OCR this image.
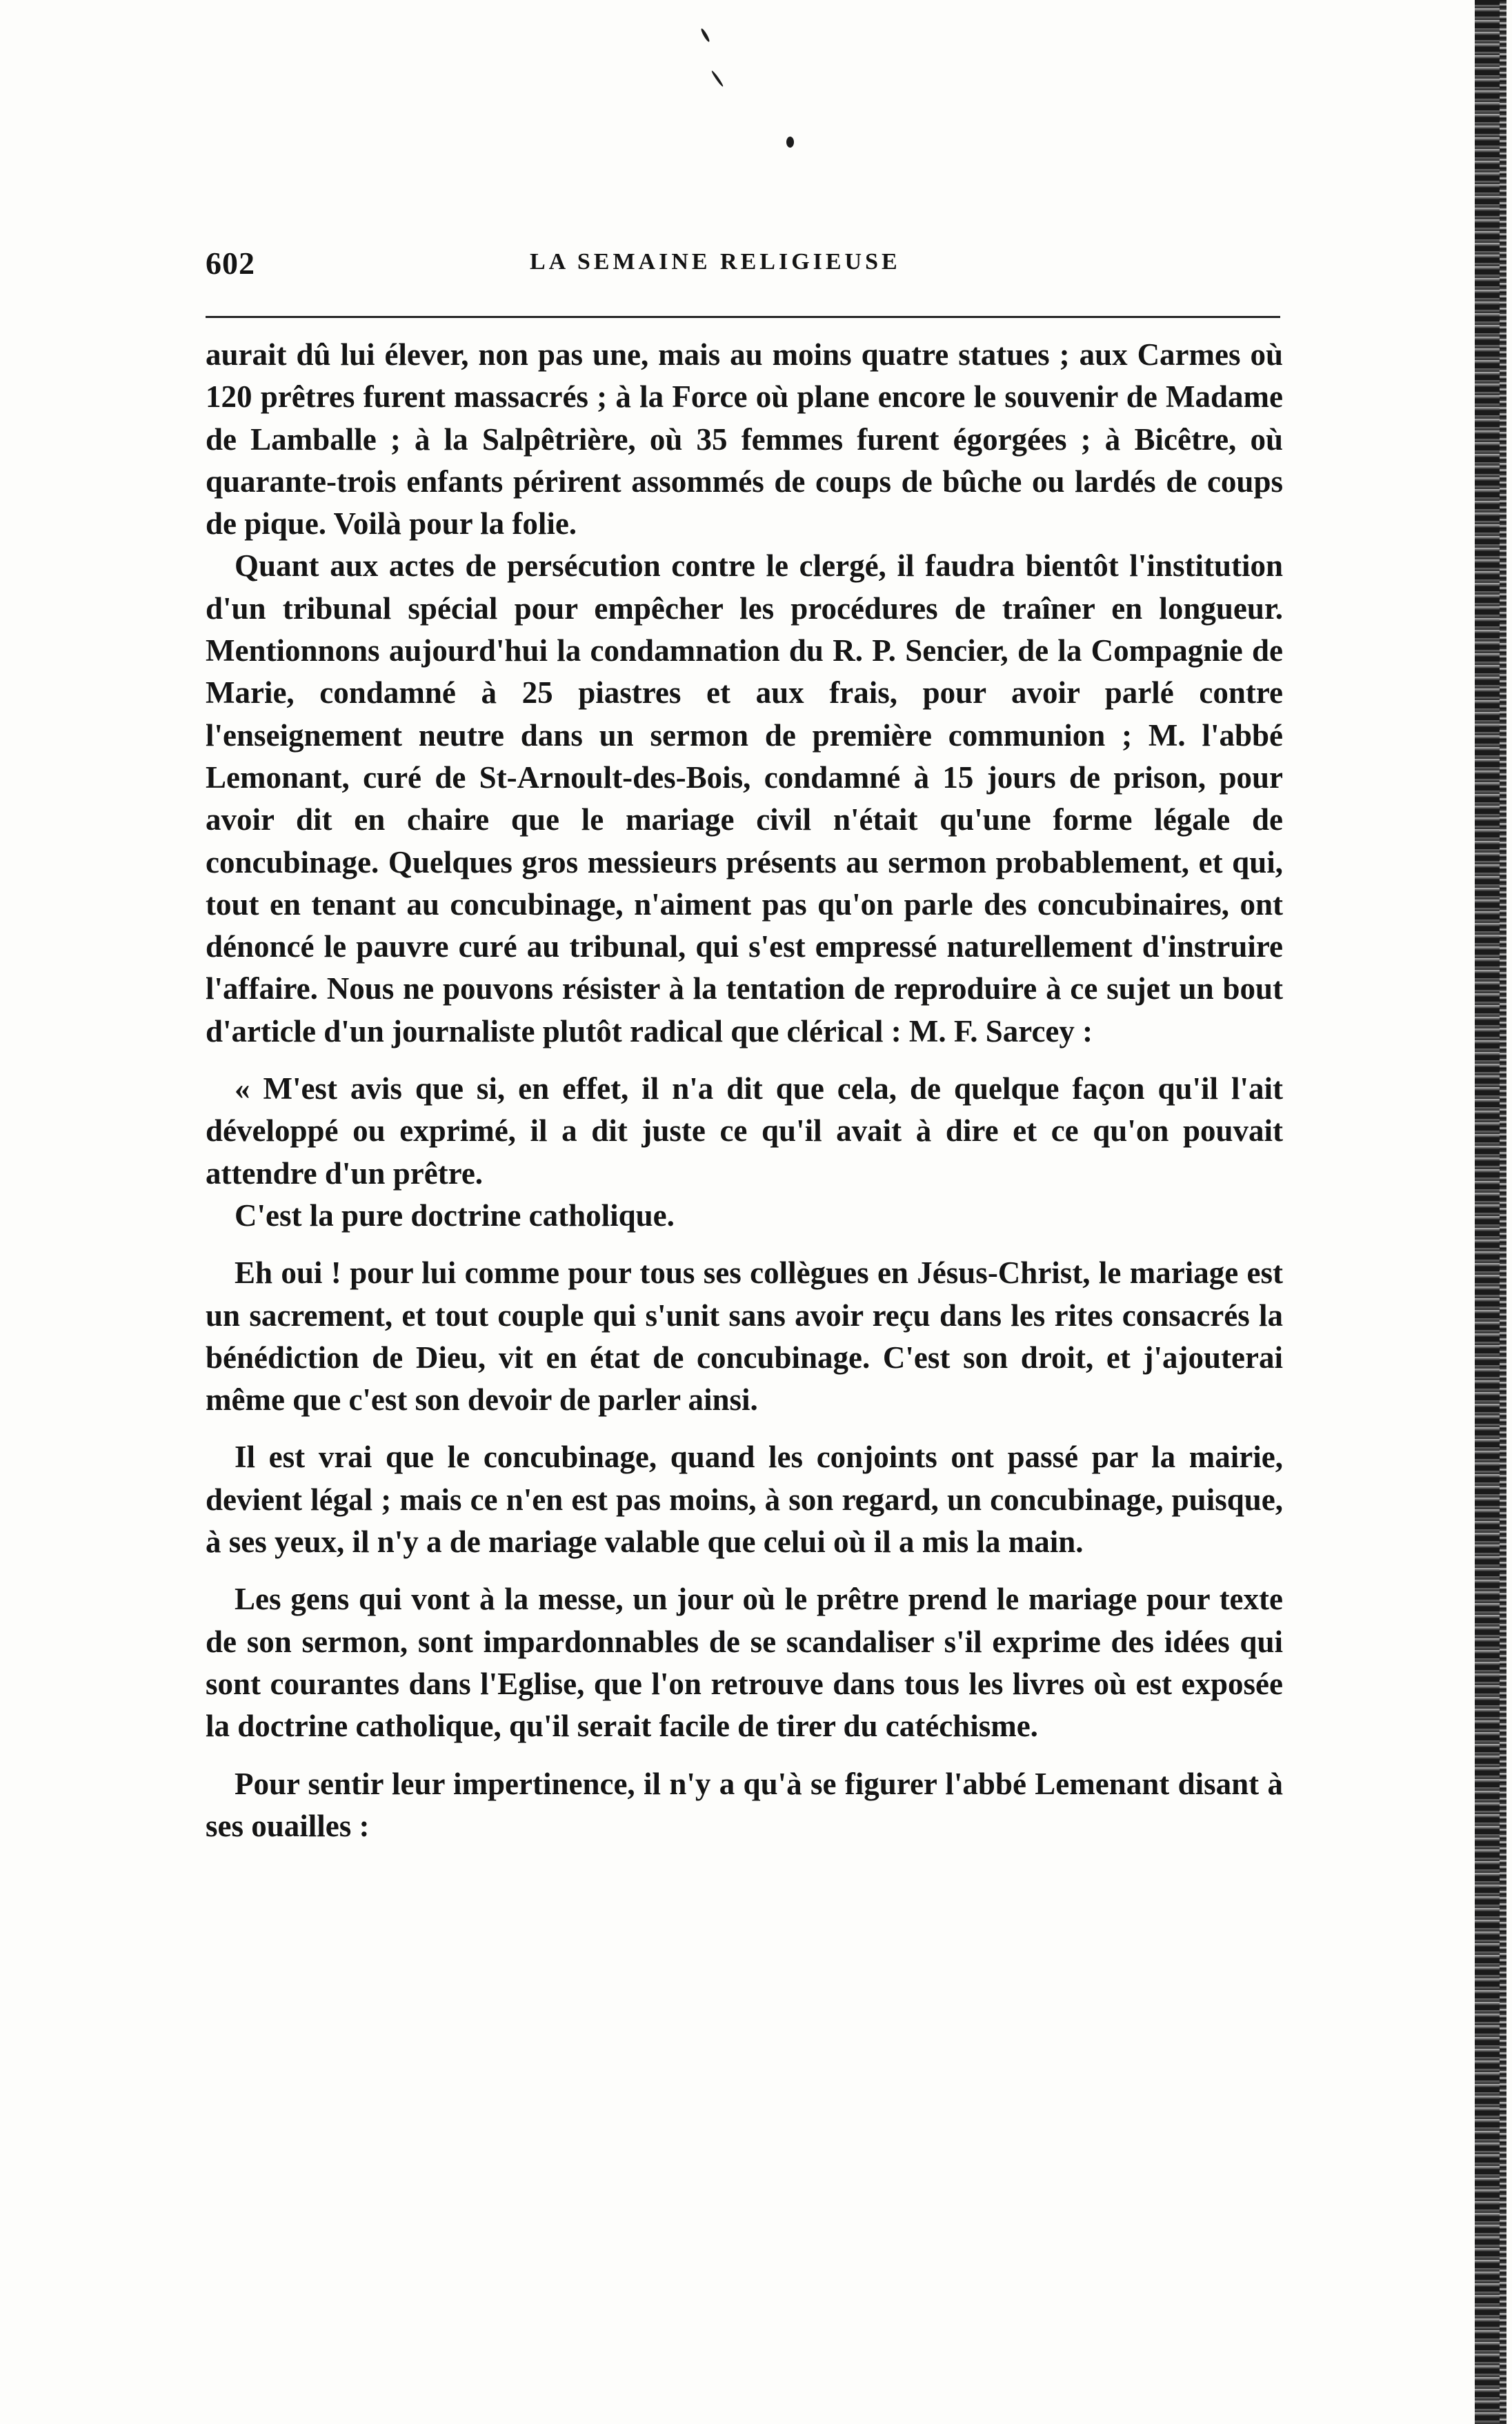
602	LA SEMAINE RELIGIEUSE

aurait dû lui élever, non pas une, mais au moins quatre statues ; aux Carmes où 120 prêtres furent massacrés ; à la Force où plane encore le souvenir de Madame de Lamballe ; à la Salpêtrière, où 35 femmes furent égorgées ; à Bicêtre, où quarante-trois enfants périrent assommés de coups de bûche ou lardés de coups de pique. Voilà pour la folie.

Quant aux actes de persécution contre le clergé, il faudra bientôt l'institution d'un tribunal spécial pour empêcher les procédures de traîner en longueur. Mentionnons aujourd'hui la condamnation du R. P. Sencier, de la Compagnie de Marie, condamné à 25 piastres et aux frais, pour avoir parlé contre l'enseignement neutre dans un sermon de première communion ; M. l'abbé Lemonant, curé de St-Arnoult-des-Bois, condamné à 15 jours de prison, pour avoir dit en chaire que le mariage civil n'était qu'une forme légale de concubinage. Quelques gros messieurs présents au sermon probablement, et qui, tout en tenant au concubinage, n'aiment pas qu'on parle des concubinaires, ont dénoncé le pauvre curé au tribunal, qui s'est empressé naturellement d'instruire l'affaire. Nous ne pouvons résister à la tentation de reproduire à ce sujet un bout d'article d'un journaliste plutôt radical que clérical : M. F. Sarcey :

« M'est avis que si, en effet, il n'a dit que cela, de quelque façon qu'il l'ait développé ou exprimé, il a dit juste ce qu'il avait à dire et ce qu'on pouvait attendre d'un prêtre.

C'est la pure doctrine catholique.

Eh oui ! pour lui comme pour tous ses collègues en Jésus-Christ, le mariage est un sacrement, et tout couple qui s'unit sans avoir reçu dans les rites consacrés la bénédiction de Dieu, vit en état de concubinage. C'est son droit, et j'ajouterai même que c'est son devoir de parler ainsi.

Il est vrai que le concubinage, quand les conjoints ont passé par la mairie, devient légal ; mais ce n'en est pas moins, à son regard, un concubinage, puisque, à ses yeux, il n'y a de mariage valable que celui où il a mis la main.

Les gens qui vont à la messe, un jour où le prêtre prend le mariage pour texte de son sermon, sont impardonnables de se scandaliser s'il exprime des idées qui sont courantes dans l'Eglise, que l'on retrouve dans tous les livres où est exposée la doctrine catholique, qu'il serait facile de tirer du catéchisme.

Pour sentir leur impertinence, il n'y a qu'à se figurer l'abbé Lemenant disant à ses ouailles :
